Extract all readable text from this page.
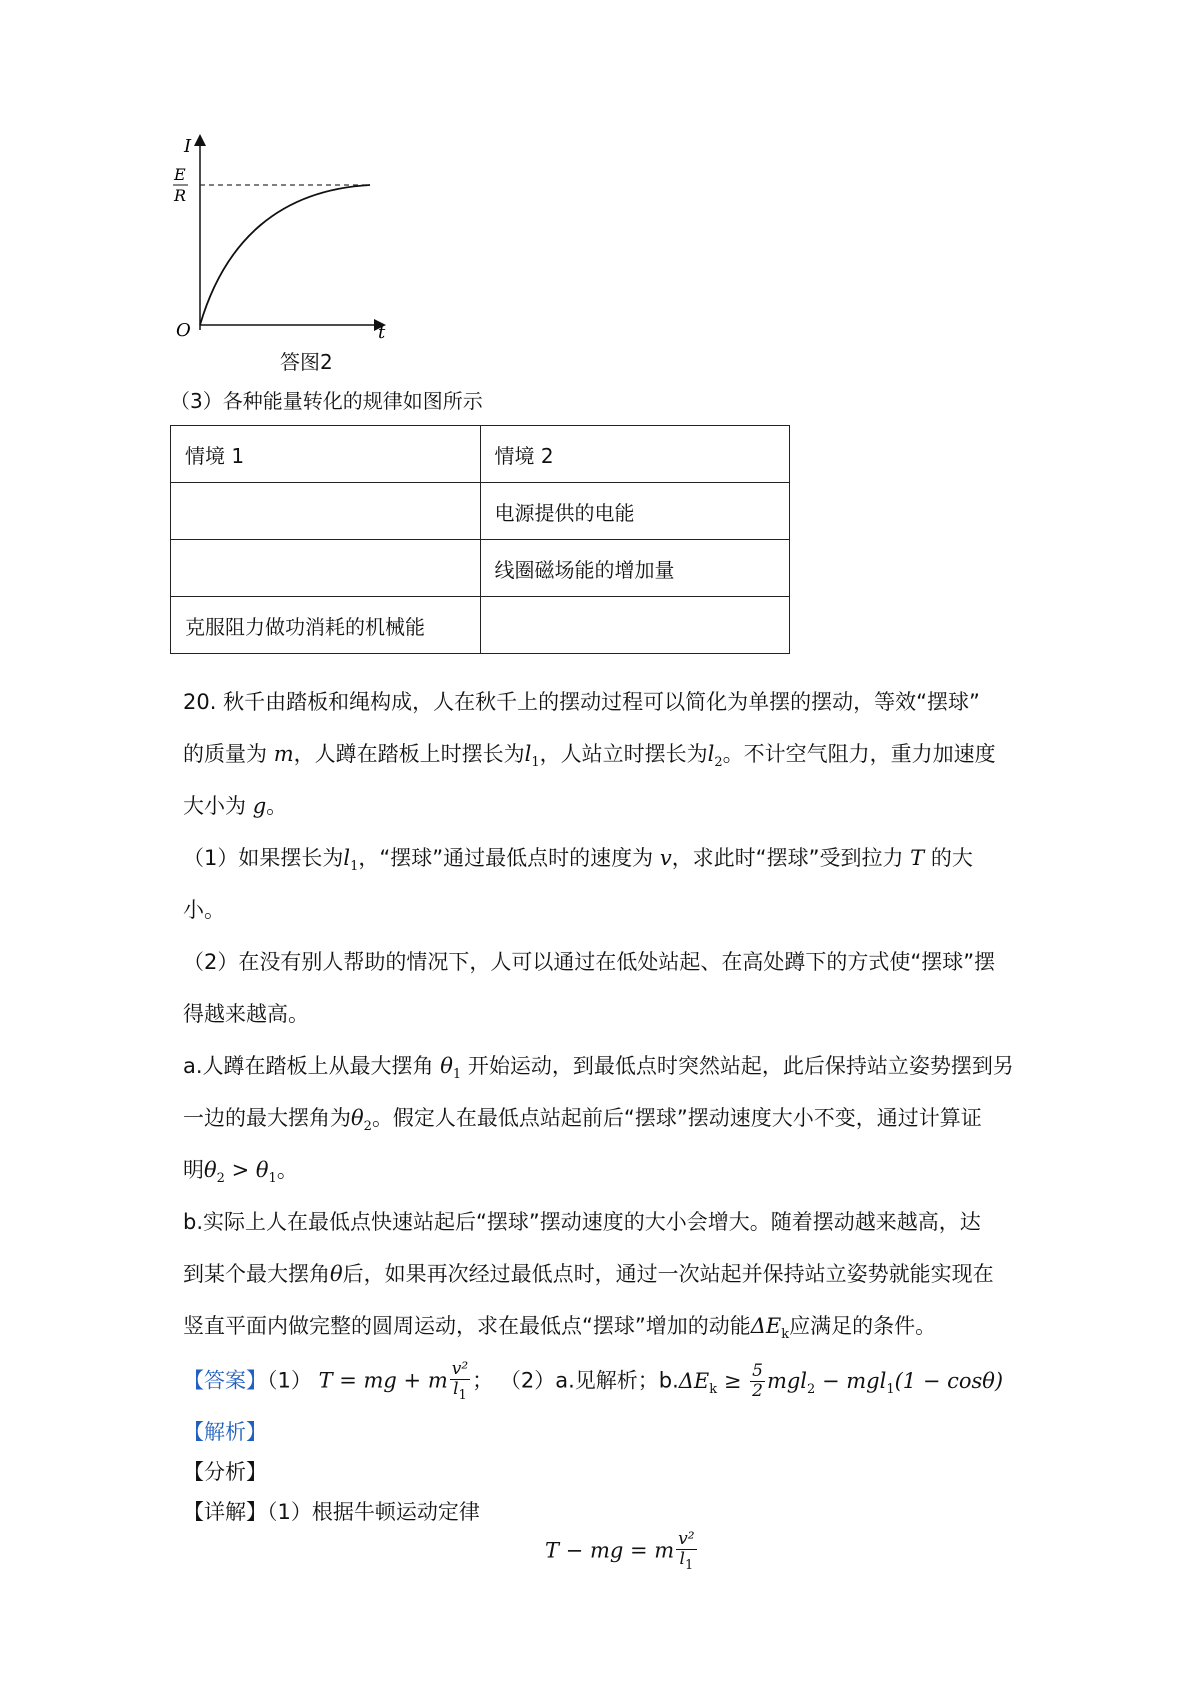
I
E
R
O	t
答图2
（3）各种能量转化的规律如图所示
情境 1	情境 2
	电源提供的电能
	线圈磁场能的增加量
克服阻力做功消耗的机械能	
20. 秋千由踏板和绳构成，人在秋千上的摆动过程可以简化为单摆的摆动，等效“摆球”
的质量为 m，人蹲在踏板上时摆长为$l_1$，人站立时摆长为$l_2$。不计空气阻力，重力加速度
大小为 g。
（1）如果摆长为$l_1$，“摆球”通过最低点时的速度为 v，求此时“摆球”受到拉力 T 的大
小。
（2）在没有别人帮助的情况下，人可以通过在低处站起、在高处蹲下的方式使“摆球”摆
得越来越高。
a.人蹲在踏板上从最大摆角 $\theta_1$ 开始运动，到最低点时突然站起，此后保持站立姿势摆到另
一边的最大摆角为$\theta_2$。假定人在最低点站起前后“摆球”摆动速度大小不变，通过计算证
明$\theta_2 > \theta_1$。
b.实际上人在最低点快速站起后“摆球”摆动速度的大小会增大。随着摆动越来越高，达
到某个最大摆角θ后，如果再次经过最低点时，通过一次站起并保持站立姿势就能实现在
竖直平面内做完整的圆周运动，求在最低点“摆球”增加的动能$\Delta E_k$应满足的条件。
【答案】（1） T = mg + m $\frac{\text{v²}}{l_1}$ ； （2）a.见解析；$b.\Delta E_k \ge \frac{5}{2} mgl_2 - mgl_1(1 - \cos\theta)$
【解析】
【分析】
【详解】（1）根据牛顿运动定律
T − mg = m $\frac{\text{v²}}{l_1}$
